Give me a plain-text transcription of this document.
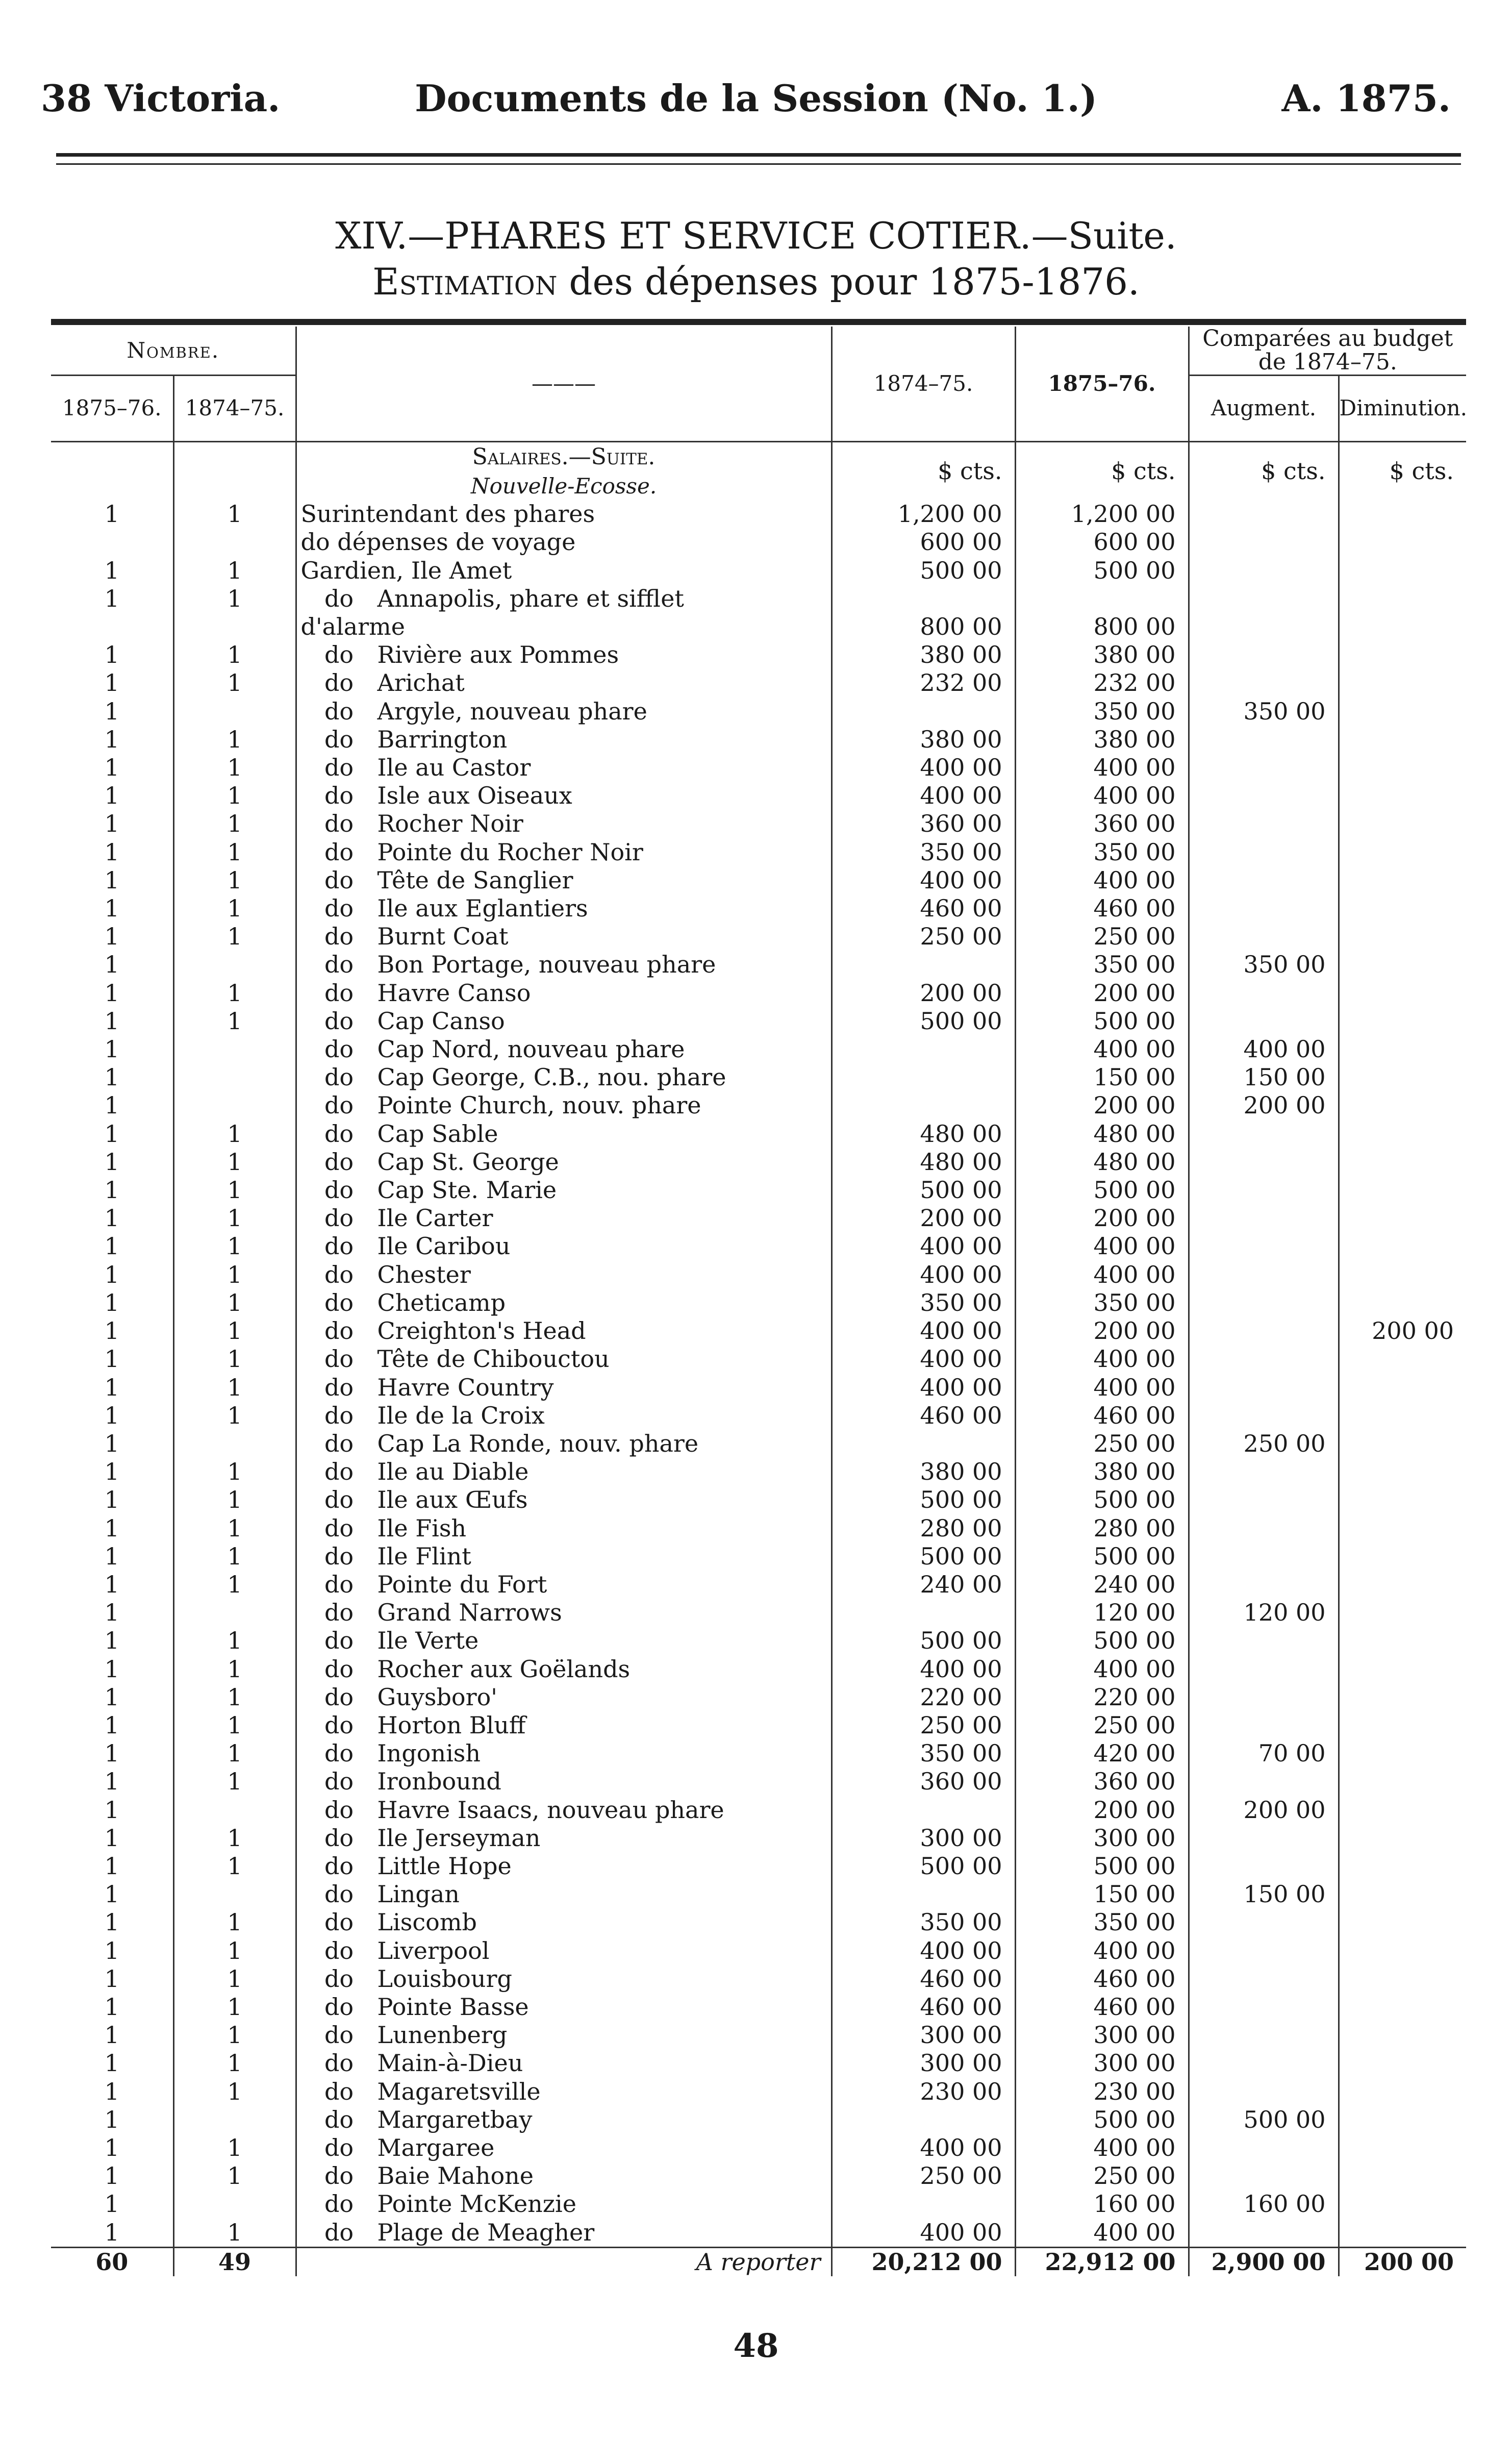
38 Victoria.	Documents de la Session (No. 1.)	A. 1875.
XIV.—PHARES ET SERVICE COTIER.—Suite.
Estimation des dépenses pour 1875-1876.
Nombre.		———	1874–75.	1875–76.	Comparées au budget de 1874–75.	
1875–76.	1874–75.				Augment.	Diminution.
		Salaires.—Suite.	$ cts.	$ cts.	$ cts.	$ cts.
		Nouvelle-Ecosse.				
1	1	Surintendant des phares	1,200 00	1,200 00		
		do dépenses de voyage	600 00	600 00		
1	1	Gardien, Ile Amet	500 00	500 00		
1	1	do Annapolis, phare et sifflet				
		d'alarme	800 00	800 00		
1	1	do Rivière aux Pommes	380 00	380 00		
1	1	do Arichat	232 00	232 00		
1		do Argyle, nouveau phare		350 00	350 00	
1	1	do Barrington	380 00	380 00		
1	1	do Ile au Castor	400 00	400 00		
1	1	do Isle aux Oiseaux	400 00	400 00		
1	1	do Rocher Noir	360 00	360 00		
1	1	do Pointe du Rocher Noir	350 00	350 00		
1	1	do Tête de Sanglier	400 00	400 00		
1	1	do Ile aux Eglantiers	460 00	460 00		
1	1	do Burnt Coat	250 00	250 00		
1		do Bon Portage, nouveau phare		350 00	350 00	
1	1	do Havre Canso	200 00	200 00		
1	1	do Cap Canso	500 00	500 00		
1		do Cap Nord, nouveau phare		400 00	400 00	
1		do Cap George, C.B., nou. phare		150 00	150 00	
1		do Pointe Church, nouv. phare		200 00	200 00	
1	1	do Cap Sable	480 00	480 00		
1	1	do Cap St. George	480 00	480 00		
1	1	do Cap Ste. Marie	500 00	500 00		
1	1	do Ile Carter	200 00	200 00		
1	1	do Ile Caribou	400 00	400 00		
1	1	do Chester	400 00	400 00		
1	1	do Cheticamp	350 00	350 00		
1	1	do Creighton's Head	400 00	200 00		200 00
1	1	do Tête de Chibouctou	400 00	400 00		
1	1	do Havre Country	400 00	400 00		
1	1	do Ile de la Croix	460 00	460 00		
1		do Cap La Ronde, nouv. phare		250 00	250 00	
1	1	do Ile au Diable	380 00	380 00		
1	1	do Ile aux Œufs	500 00	500 00		
1	1	do Ile Fish	280 00	280 00		
1	1	do Ile Flint	500 00	500 00		
1	1	do Pointe du Fort	240 00	240 00		
1		do Grand Narrows		120 00	120 00	
1	1	do Ile Verte	500 00	500 00		
1	1	do Rocher aux Goëlands	400 00	400 00		
1	1	do Guysboro'	220 00	220 00		
1	1	do Horton Bluff	250 00	250 00		
1	1	do Ingonish	350 00	420 00	70 00	
1	1	do Ironbound	360 00	360 00		
1		do Havre Isaacs, nouveau phare		200 00	200 00	
1	1	do Ile Jerseyman	300 00	300 00		
1	1	do Little Hope	500 00	500 00		
1		do Lingan		150 00	150 00	
1	1	do Liscomb	350 00	350 00		
1	1	do Liverpool	400 00	400 00		
1	1	do Louisbourg	460 00	460 00		
1	1	do Pointe Basse	460 00	460 00		
1	1	do Lunenberg	300 00	300 00		
1	1	do Main-à-Dieu	300 00	300 00		
1	1	do Magaretsville	230 00	230 00		
1		do Margaretbay		500 00	500 00	
1	1	do Margaree	400 00	400 00		
1	1	do Baie Mahone	250 00	250 00		
1		do Pointe McKenzie		160 00	160 00	
1	1	do Plage de Meagher	400 00	400 00		
60	49	A reporter	20,212 00	22,912 00	2,900 00	200 00
48
